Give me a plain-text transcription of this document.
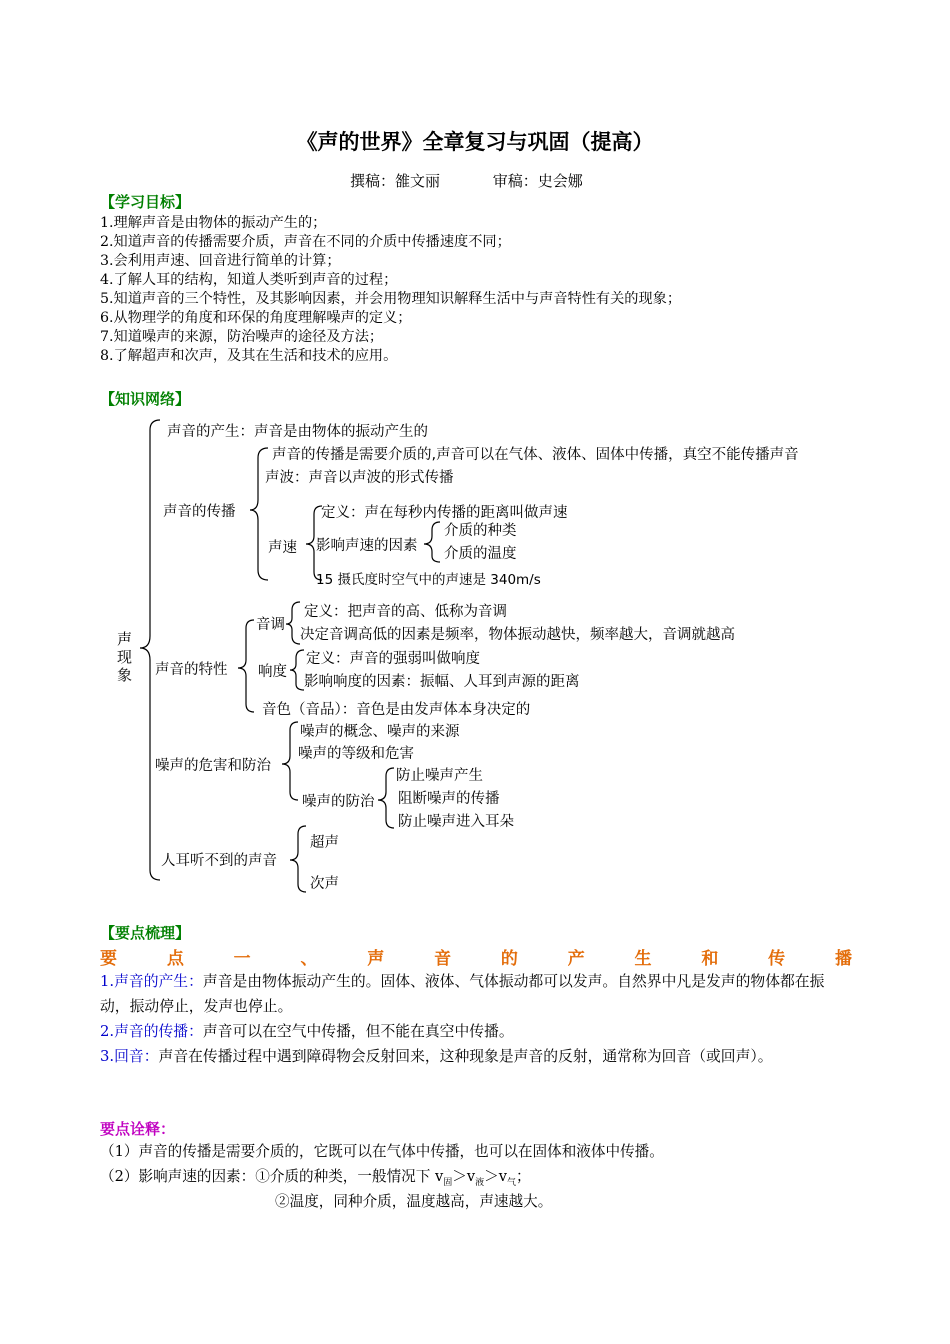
《声的世界》全章复习与巩固（提高）
撰稿：雒文丽	审稿：史会娜
【学习目标】
1.理解声音是由物体的振动产生的；
2.知道声音的传播需要介质，声音在不同的介质中传播速度不同；
3.会利用声速、回音进行简单的计算；
4.了解人耳的结构，知道人类听到声音的过程；
5.知道声音的三个特性，及其影响因素，并会用物理知识解释生活中与声音特性有关的现象；
6.从物理学的角度和环保的角度理解噪声的定义；
7.知道噪声的来源，防治噪声的途径及方法；
8.了解超声和次声，及其在生活和技术的应用。
【知识网络】
声现象
声音的产生：声音是由物体的振动产生的
声音的传播
声音的传播是需要介质的,声音可以在气体、液体、固体中传播，真空不能传播声音
声波：声音以声波的形式传播
声速
定义：声在每秒内传播的距离叫做声速
影响声速的因素
介质的种类
介质的温度
15 摄氏度时空气中的声速是 340m/s
声音的特性
音调
定义：把声音的高、低称为音调
决定音调高低的因素是频率，物体振动越快，频率越大，音调就越高
响度
定义：声音的强弱叫做响度
影响响度的因素：振幅、人耳到声源的距离
音色（音品）：音色是由发声体本身决定的
噪声的危害和防治
噪声的概念、噪声的来源
噪声的等级和危害
噪声的防治
防止噪声产生
阻断噪声的传播
防止噪声进入耳朵
人耳听不到的声音
超声
次声
【要点梳理】
要	点	一	、	声	音	的	产	生	和	传	播
1.声音的产生：声音是由物体振动产生的。固体、液体、气体振动都可以发声。自然界中凡是发声的物体都在振动，振动停止，发声也停止。
2.声音的传播：声音可以在空气中传播，但不能在真空中传播。
3.回音：声音在传播过程中遇到障碍物会反射回来，这种现象是声音的反射，通常称为回音（或回声）。
要点诠释：
（1）声音的传播是需要介质的，它既可以在气体中传播，也可以在固体和液体中传播。
（2）影响声速的因素：①介质的种类，一般情况下 $v_固>v_液>v_气$；
②温度，同种介质，温度越高，声速越大。
